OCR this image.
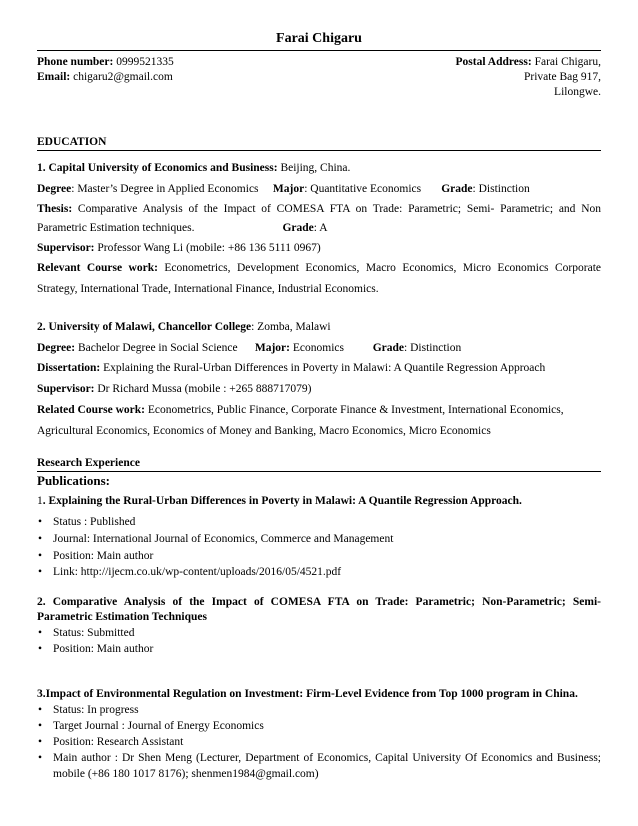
Farai Chigaru
Phone number: 0999521335
Email: chigaru2@gmail.com
Postal Address: Farai Chigaru,
Private Bag 917,
Lilongwe.
EDUCATION
1. Capital University of Economics and Business: Beijing, China.
Degree: Master’s Degree in Applied Economics Major: Quantitative Economics Grade: Distinction
Thesis: Comparative Analysis of the Impact of COMESA FTA on Trade: Parametric; Semi- Parametric; and Non
Parametric Estimation techniques.	Grade: A
Supervisor: Professor Wang Li (mobile: +86 136 5111 0967)
Relevant Course work: Econometrics, Development Economics, Macro Economics, Micro Economics Corporate
Strategy, International Trade, International Finance, Industrial Economics.
2. University of Malawi, Chancellor College: Zomba, Malawi
Degree: Bachelor Degree in Social Science Major: Economics	Grade: Distinction
Dissertation: Explaining the Rural-Urban Differences in Poverty in Malawi: A Quantile Regression Approach
Supervisor: Dr Richard Mussa (mobile : +265 888717079)
Related Course work: Econometrics, Public Finance, Corporate Finance & Investment, International Economics,
Agricultural Economics, Economics of Money and Banking, Macro Economics, Micro Economics
Research Experience
Publications:
1. Explaining the Rural-Urban Differences in Poverty in Malawi: A Quantile Regression Approach.
• Status : Published
• Journal: International Journal of Economics, Commerce and Management
• Position: Main author
• Link: http://ijecm.co.uk/wp-content/uploads/2016/05/4521.pdf
2. Comparative Analysis of the Impact of COMESA FTA on Trade: Parametric; Non-Parametric; Semi-
Parametric Estimation Techniques
• Status: Submitted
• Position: Main author
3.Impact of Environmental Regulation on Investment: Firm-Level Evidence from Top 1000 program in China.
• Status: In progress
• Target Journal : Journal of Energy Economics
• Position: Research Assistant
• Main author : Dr Shen Meng (Lecturer, Department of Economics, Capital University Of Economics and Business;
mobile (+86 180 1017 8176); shenmen1984@gmail.com)
